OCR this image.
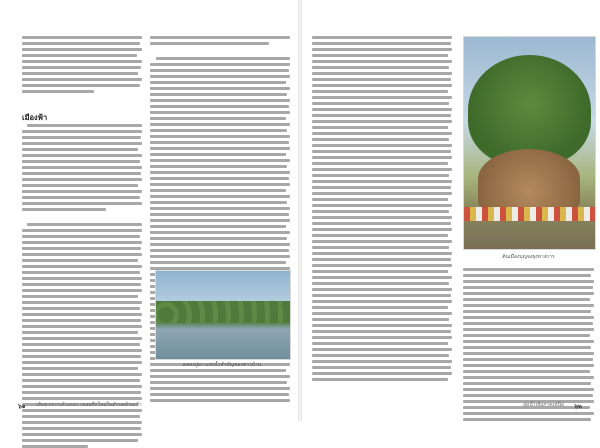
เมืองฟ้า
คลองปูลา แห่งน้ำสำคัญของชาวบ้าน
๖๑ เส้นทางการค้าแบบ: เชลยศึกใหม่ในตำบลห้วยเข้า
ต้นเมืองบุญจงยุงทางการ
ลุ่มน้ำเชิงภาคเหนือ ๖๒
